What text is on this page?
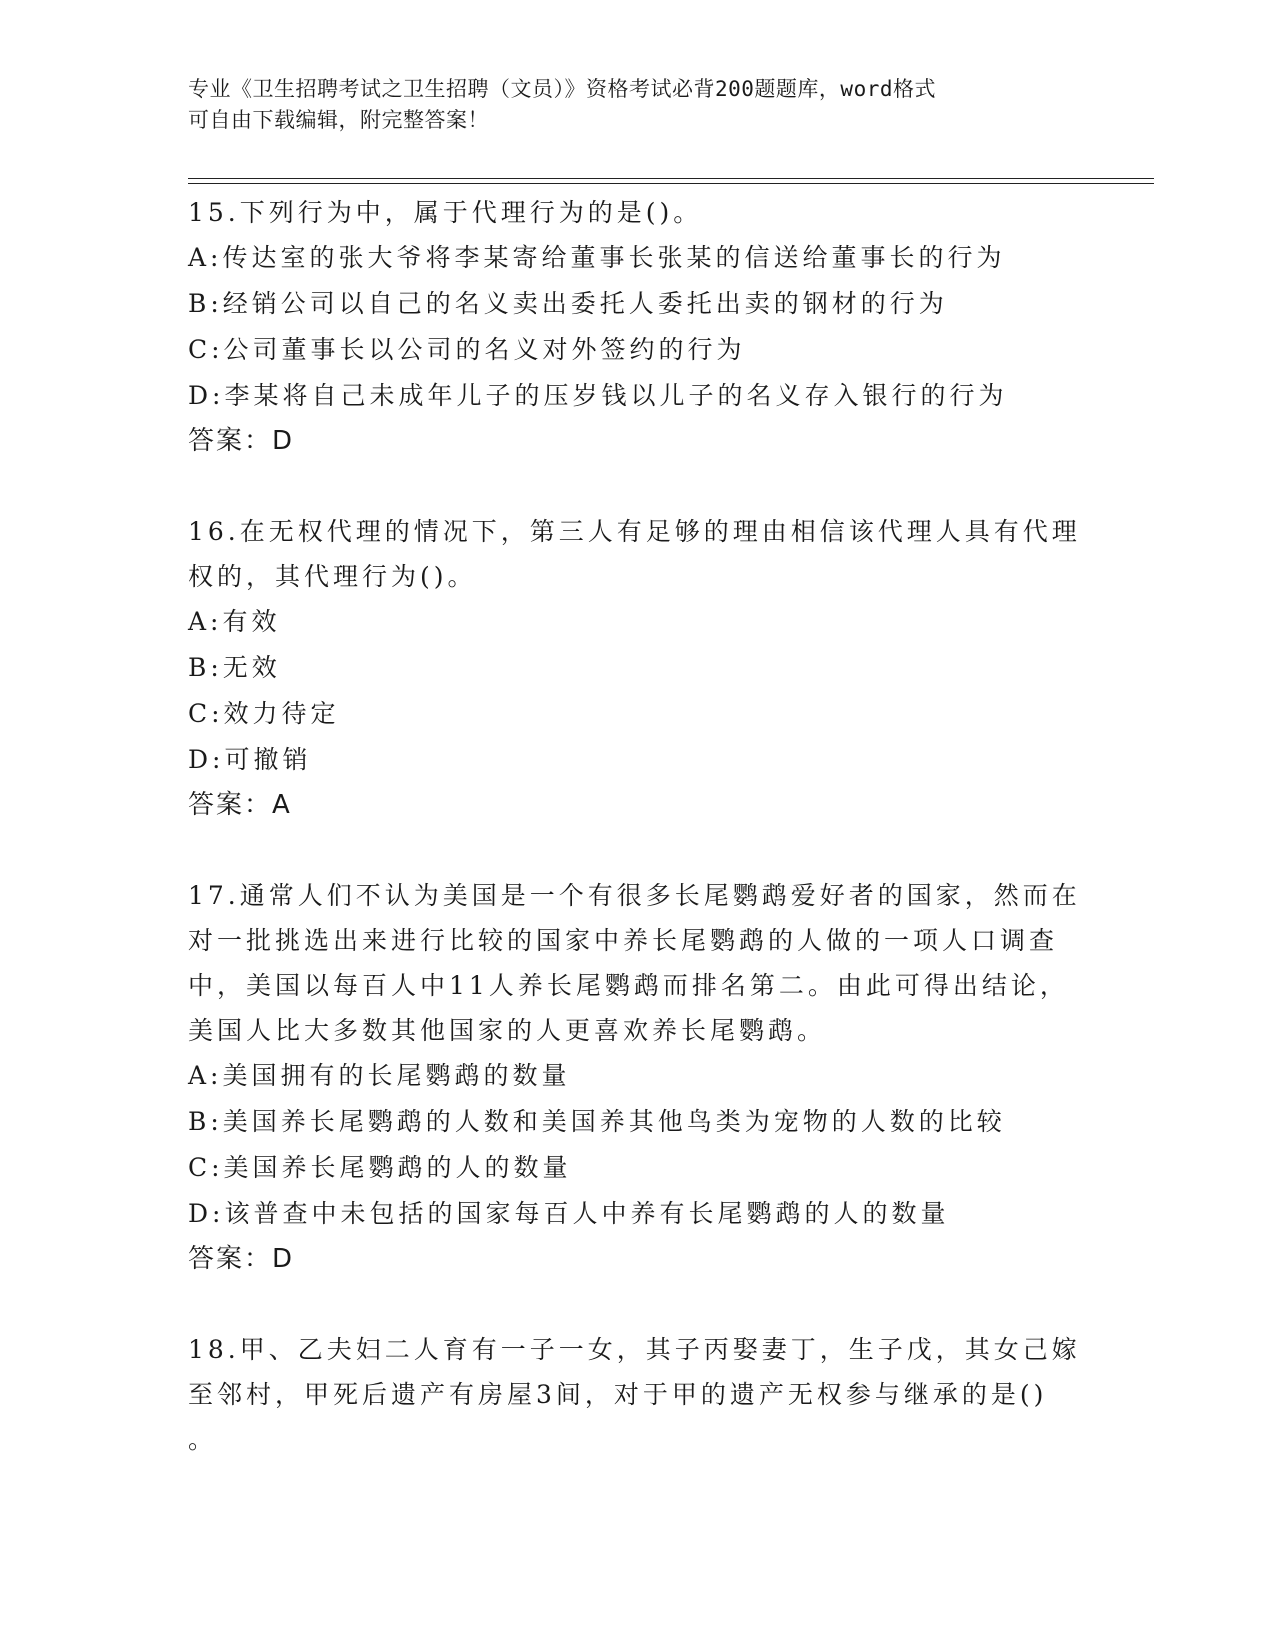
专业《卫生招聘考试之卫生招聘（文员）》资格考试必背200题题库，word格式
可自由下载编辑，附完整答案！
15.下列行为中，属于代理行为的是()。
A:传达室的张大爷将李某寄给董事长张某的信送给董事长的行为
B:经销公司以自己的名义卖出委托人委托出卖的钢材的行为
C:公司董事长以公司的名义对外签约的行为
D:李某将自己未成年儿子的压岁钱以儿子的名义存入银行的行为
答案：D
16.在无权代理的情况下，第三人有足够的理由相信该代理人具有代理
权的，其代理行为()。
A:有效
B:无效
C:效力待定
D:可撤销
答案：A
17.通常人们不认为美国是一个有很多长尾鹦鹉爱好者的国家，然而在
对一批挑选出来进行比较的国家中养长尾鹦鹉的人做的一项人口调查
中，美国以每百人中11人养长尾鹦鹉而排名第二。由此可得出结论，
美国人比大多数其他国家的人更喜欢养长尾鹦鹉。
A:美国拥有的长尾鹦鹉的数量
B:美国养长尾鹦鹉的人数和美国养其他鸟类为宠物的人数的比较
C:美国养长尾鹦鹉的人的数量
D:该普查中未包括的国家每百人中养有长尾鹦鹉的人的数量
答案：D
18.甲、乙夫妇二人育有一子一女，其子丙娶妻丁，生子戊，其女己嫁
至邻村，甲死后遗产有房屋3间，对于甲的遗产无权参与继承的是()
。
